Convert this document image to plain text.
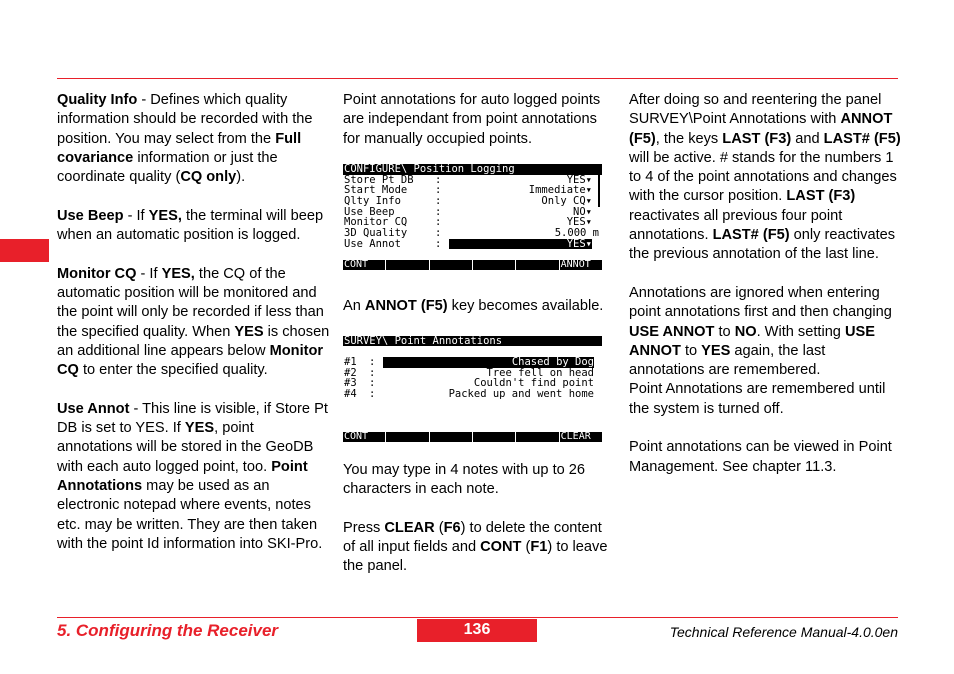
Quality Info - Defines which quality information should be recorded with the position. You may select from the Full covariance information or just the coordinate quality (CQ only).

Use Beep - If YES, the terminal will beep when an automatic position is logged.

Monitor CQ - If YES, the CQ of the automatic position will be monitored and the point will only be recorded if less than the specified quality. When YES is chosen an additional line appears below Monitor CQ to enter the specified quality.

Use Annot - This line is visible, if Store Pt DB is set to YES. If YES, point annotations will be stored in the GeoDB with each auto logged point, too. Point Annotations may be used as an electronic notepad where events, notes etc. may be written. They are then taken with the point Id information into SKI-Pro.

Point annotations for auto logged points are independant from point annotations for manually occupied points.

CONFIGURE\ Position Logging
Store Pt DB :	YES▾
Start Mode	:	Immediate▾
Qlty Info	:	Only CQ▾
Use Beep	:	NO▾
Monitor CQ	:	YES▾
3D Quality	:	5.000 m
Use Annot	:	YES▾
CONT	ANNOT

An ANNOT (F5) key becomes available.

SURVEY\ Point Annotations
#1 :	Chased by Dog
#2 :	Tree fell on head
#3 :	Couldn't find point
#4 :	Packed up and went home
CONT	CLEAR

You may type in 4 notes with up to 26 characters in each note.

Press CLEAR (F6) to delete the content of all input fields and CONT (F1) to leave the panel.

After doing so and reentering the panel SURVEY\Point Annotations with ANNOT (F5), the keys LAST (F3) and LAST# (F5) will be active. # stands for the numbers 1 to 4 of the point annotations and changes with the cursor position. LAST (F3) reactivates all previous four point annotations. LAST# (F5) only reactivates the previous annotation of the last line.

Annotations are ignored when entering point annotations first and then changing USE ANNOT to NO. With setting USE ANNOT to YES again, the last annotations are remembered.

Point Annotations are remembered until the system is turned off.

Point annotations can be viewed in Point Management. See chapter 11.3.

5. Configuring the Receiver	136	Technical Reference Manual-4.0.0en
